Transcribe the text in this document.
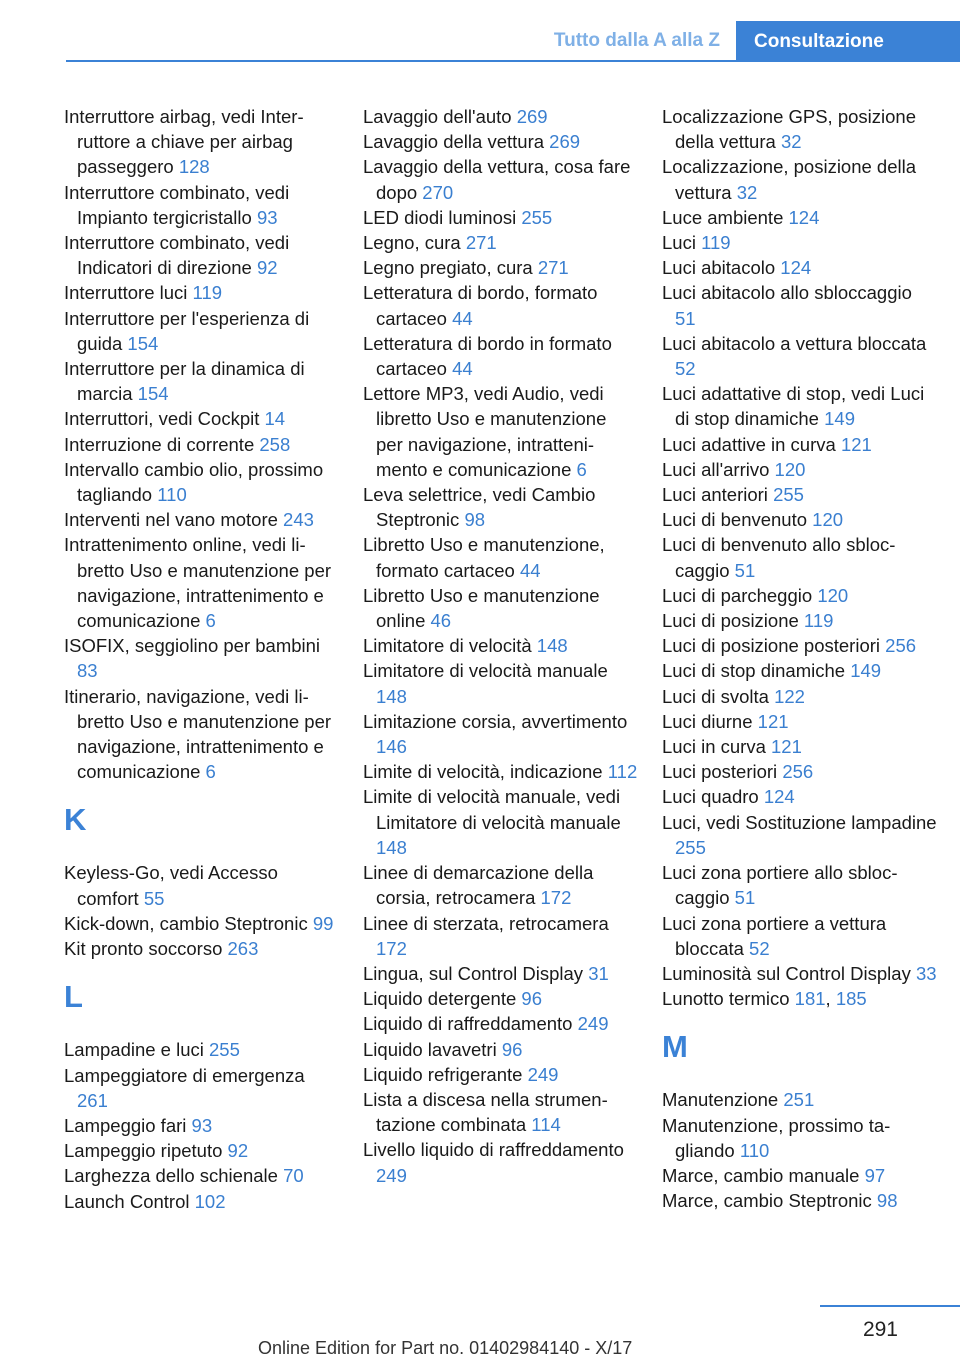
Tutto dalla A alla Z	Consultazione
Interruttore airbag, vedi Interruttore a chiave per airbag passeggero 128
Interruttore combinato, vedi Impianto tergicristallo 93
Interruttore combinato, vedi Indicatori di direzione 92
Interruttore luci 119
Interruttore per l'esperienza di guida 154
Interruttore per la dinamica di marcia 154
Interruttori, vedi Cockpit 14
Interruzione di corrente 258
Intervallo cambio olio, prossimo tagliando 110
Interventi nel vano motore 243
Intrattenimento online, vedi libretto Uso e manutenzione per navigazione, intrattenimento e comunicazione 6
ISOFIX, seggiolino per bambini 83
Itinerario, navigazione, vedi libretto Uso e manutenzione per navigazione, intrattenimento e comunicazione 6
K
Keyless-Go, vedi Accesso comfort 55
Kick-down, cambio Steptronic 99
Kit pronto soccorso 263
L
Lampadine e luci 255
Lampeggiatore di emergenza 261
Lampeggio fari 93
Lampeggio ripetuto 92
Larghezza dello schienale 70
Launch Control 102
Lavaggio dell'auto 269
Lavaggio della vettura 269
Lavaggio della vettura, cosa fare dopo 270
LED diodi luminosi 255
Legno, cura 271
Legno pregiato, cura 271
Letteratura di bordo, formato cartaceo 44
Letteratura di bordo in formato cartaceo 44
Lettore MP3, vedi Audio, vedi libretto Uso e manutenzione per navigazione, intrattenimento e comunicazione 6
Leva selettrice, vedi Cambio Steptronic 98
Libretto Uso e manutenzione, formato cartaceo 44
Libretto Uso e manutenzione online 46
Limitatore di velocità 148
Limitatore di velocità manuale 148
Limitazione corsia, avvertimento 146
Limite di velocità, indicazione 112
Limite di velocità manuale, vedi Limitatore di velocità manuale 148
Linee di demarcazione della corsia, retrocamera 172
Linee di sterzata, retrocamera 172
Lingua, sul Control Display 31
Liquido detergente 96
Liquido di raffreddamento 249
Liquido lavavetri 96
Liquido refrigerante 249
Lista a discesa nella strumentazione combinata 114
Livello liquido di raffreddamento 249
Localizzazione GPS, posizione della vettura 32
Localizzazione, posizione della vettura 32
Luce ambiente 124
Luci 119
Luci abitacolo 124
Luci abitacolo allo sbloccaggio 51
Luci abitacolo a vettura bloccata 52
Luci adattative di stop, vedi Luci di stop dinamiche 149
Luci adattive in curva 121
Luci all'arrivo 120
Luci anteriori 255
Luci di benvenuto 120
Luci di benvenuto allo sbloccaggio 51
Luci di parcheggio 120
Luci di posizione 119
Luci di posizione posteriori 256
Luci di stop dinamiche 149
Luci di svolta 122
Luci diurne 121
Luci in curva 121
Luci posteriori 256
Luci quadro 124
Luci, vedi Sostituzione lampadine 255
Luci zona portiere allo sbloccaggio 51
Luci zona portiere a vettura bloccata 52
Luminosità sul Control Display 33
Lunotto termico 181, 185
M
Manutenzione 251
Manutenzione, prossimo tagliando 110
Marce, cambio manuale 97
Marce, cambio Steptronic 98
291
Online Edition for Part no. 01402984140 - X/17
